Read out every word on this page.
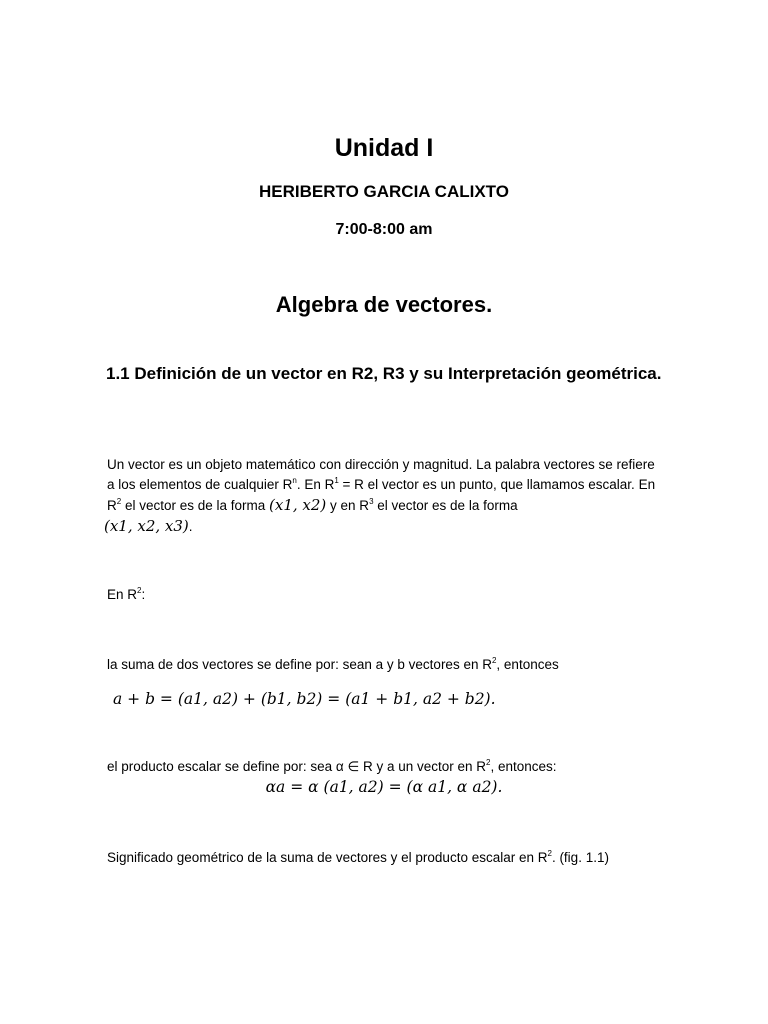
Unidad I
HERIBERTO GARCIA CALIXTO
7:00-8:00 am
Algebra de vectores.
1.1 Definición de un vector en R2, R3 y su Interpretación geométrica.
Un vector es un objeto matemático con dirección y magnitud. La palabra vectores se refiere
a los elementos de cualquier $R^n$. En $R^1 = R$ el vector es un punto, que llamamos escalar. En
$R^2$ el vector es de la forma (x1, x2) y en $R^3$ el vector es de la forma
(x1, x2, x3).
En $R^2$:
la suma de dos vectores se define por: sean a y b vectores en $R^2$, entonces
a + b = (a1, a2) + (b1, b2) = (a1 + b1, a2 + b2).
el producto escalar se define por: sea α ∈ R y a un vector en $R^2$, entonces:
αa = α (a1, a2) = (α a1, α a2).
Significado geométrico de la suma de vectores y el producto escalar en $R^2$. (fig. 1.1)
